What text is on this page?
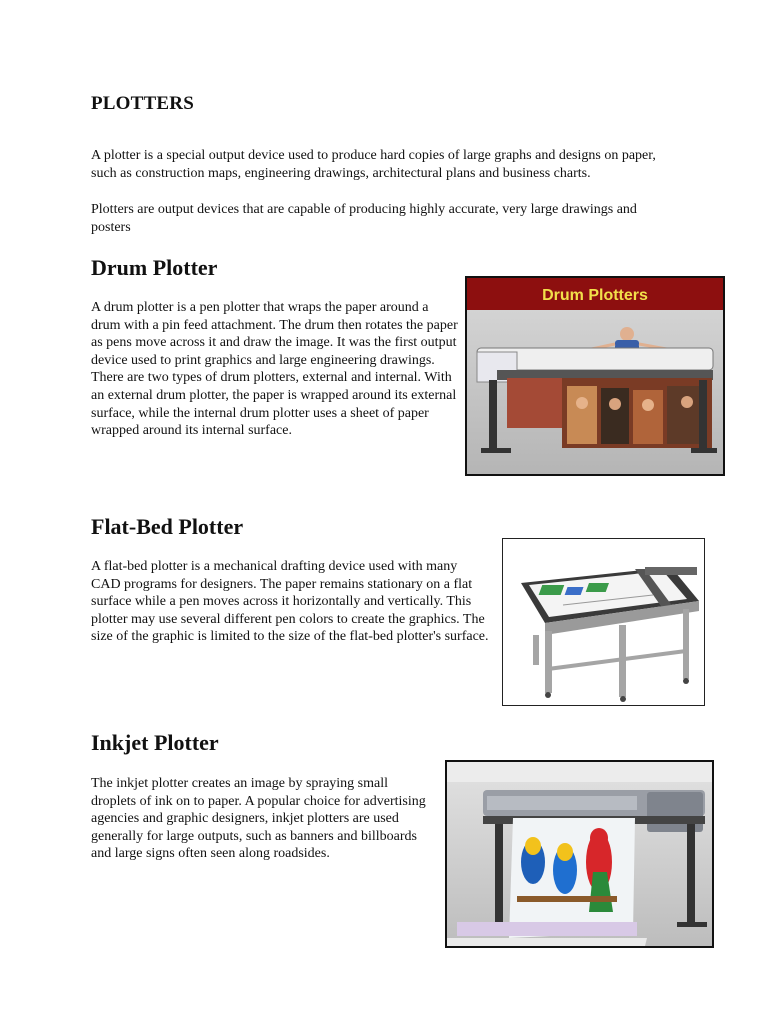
PLOTTERS

A plotter is a special output device used to produce hard copies of large graphs and designs on paper, such as construction maps, engineering drawings, architectural plans and business charts.

Plotters are output devices that are capable of producing highly accurate, very large drawings and posters

Drum Plotter

A drum plotter is a pen plotter that wraps the paper around a drum with a pin feed attachment. The drum then rotates the paper as pens move across it and draw the image. It was the first output device used to print graphics and large engineering drawings. There are two types of drum plotters, external and internal. With an external drum plotter, the paper is wrapped around its external surface, while the internal drum plotter uses a sheet of paper wrapped around its internal surface.

Drum Plotters
Flat-Bed Plotter

A flat-bed plotter is a mechanical drafting device used with many CAD programs for designers. The paper remains stationary on a flat surface while a pen moves across it horizontally and vertically. This plotter may use several different pen colors to create the graphics. The size of the graphic is limited to the size of the flat-bed plotter's surface.

Inkjet Plotter

The inkjet plotter creates an image by spraying small droplets of ink on to paper. A popular choice for advertising agencies and graphic designers, inkjet plotters are used generally for large outputs, such as banners and billboards and large signs often seen along roadsides.
